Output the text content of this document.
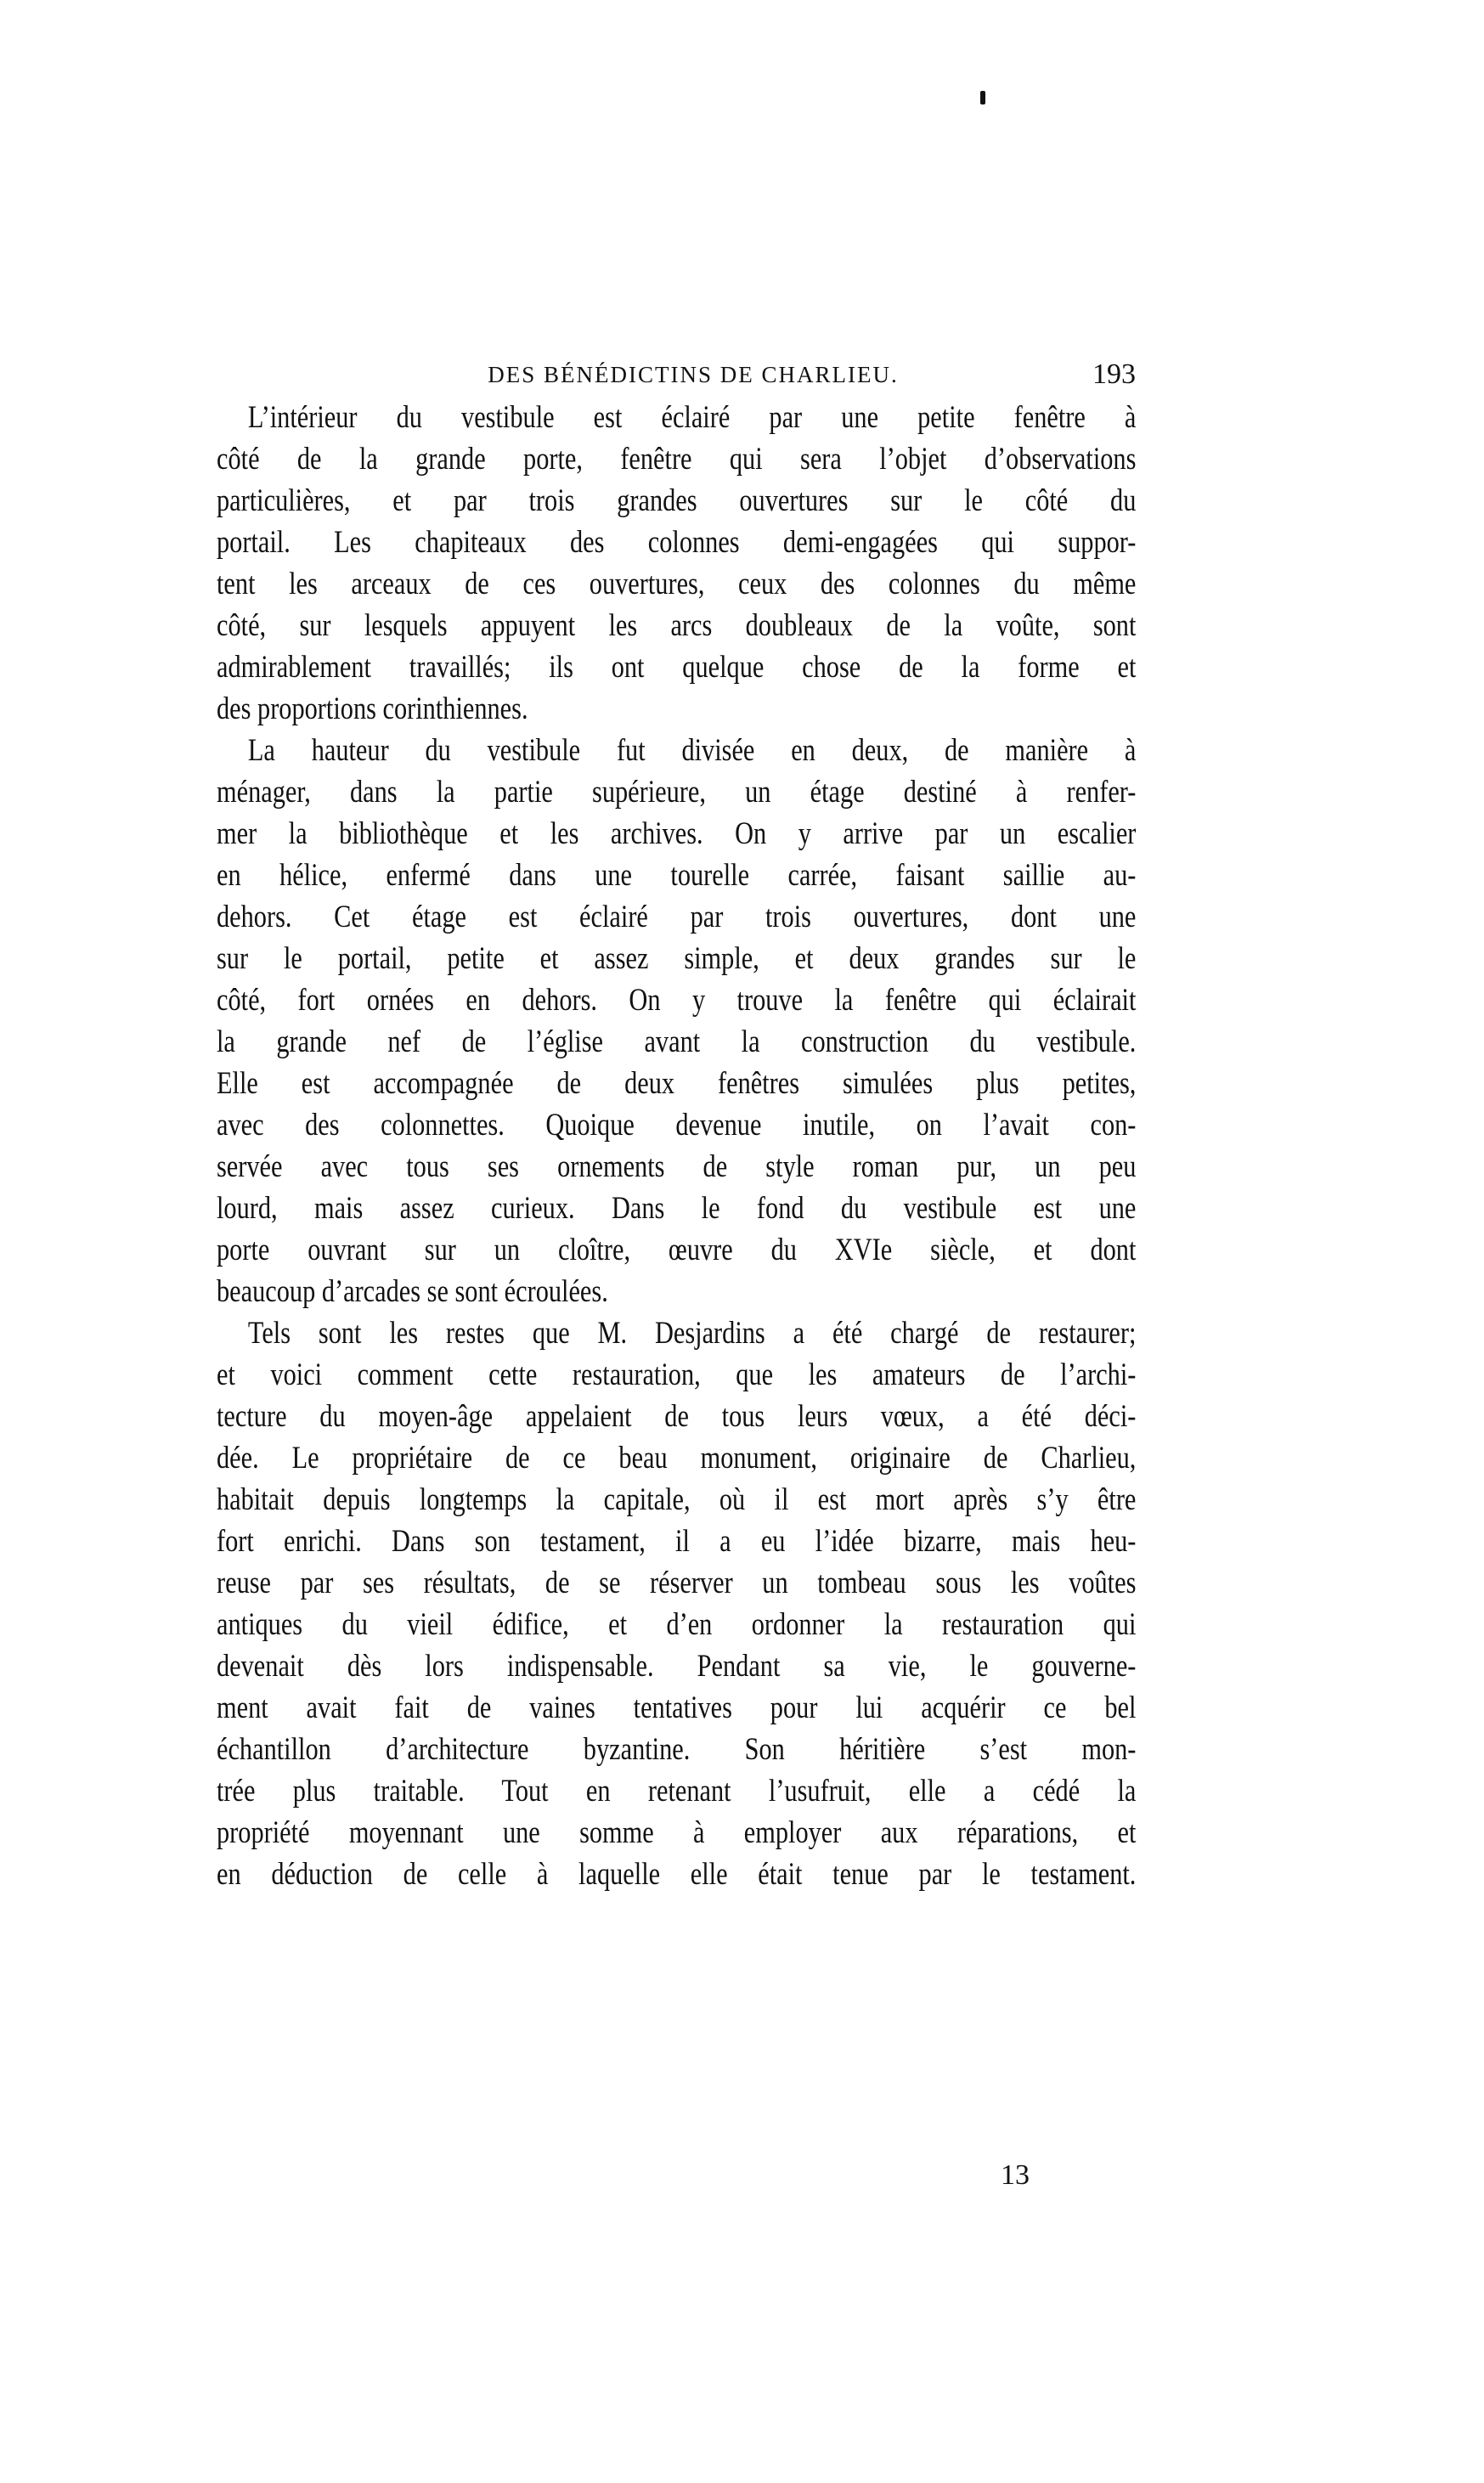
DES BÉNÉDICTINS DE CHARLIEU.	193
L’intérieur du vestibule est éclairé par une petite fenêtre à
côté de la grande porte, fenêtre qui sera l’objet d’observations
particulières, et par trois grandes ouvertures sur le côté du
portail. Les chapiteaux des colonnes demi-engagées qui suppor-
tent les arceaux de ces ouvertures, ceux des colonnes du même
côté, sur lesquels appuyent les arcs doubleaux de la voûte, sont
admirablement travaillés; ils ont quelque chose de la forme et
des proportions corinthiennes.
La hauteur du vestibule fut divisée en deux, de manière à
ménager, dans la partie supérieure, un étage destiné à renfer-
mer la bibliothèque et les archives. On y arrive par un escalier
en hélice, enfermé dans une tourelle carrée, faisant saillie au-
dehors. Cet étage est éclairé par trois ouvertures, dont une
sur le portail, petite et assez simple, et deux grandes sur le
côté, fort ornées en dehors. On y trouve la fenêtre qui éclairait
la grande nef de l’église avant la construction du vestibule.
Elle est accompagnée de deux fenêtres simulées plus petites,
avec des colonnettes. Quoique devenue inutile, on l’avait con-
servée avec tous ses ornements de style roman pur, un peu
lourd, mais assez curieux. Dans le fond du vestibule est une
porte ouvrant sur un cloître, œuvre du XVIe siècle, et dont
beaucoup d’arcades se sont écroulées.
Tels sont les restes que M. Desjardins a été chargé de restaurer;
et voici comment cette restauration, que les amateurs de l’archi-
tecture du moyen-âge appelaient de tous leurs vœux, a été déci-
dée. Le propriétaire de ce beau monument, originaire de Charlieu,
habitait depuis longtemps la capitale, où il est mort après s’y être
fort enrichi. Dans son testament, il a eu l’idée bizarre, mais heu-
reuse par ses résultats, de se réserver un tombeau sous les voûtes
antiques du vieil édifice, et d’en ordonner la restauration qui
devenait dès lors indispensable. Pendant sa vie, le gouverne-
ment avait fait de vaines tentatives pour lui acquérir ce bel
échantillon d’architecture byzantine. Son héritière s’est mon-
trée plus traitable. Tout en retenant l’usufruit, elle a cédé la
propriété moyennant une somme à employer aux réparations, et
en déduction de celle à laquelle elle était tenue par le testament.
13
